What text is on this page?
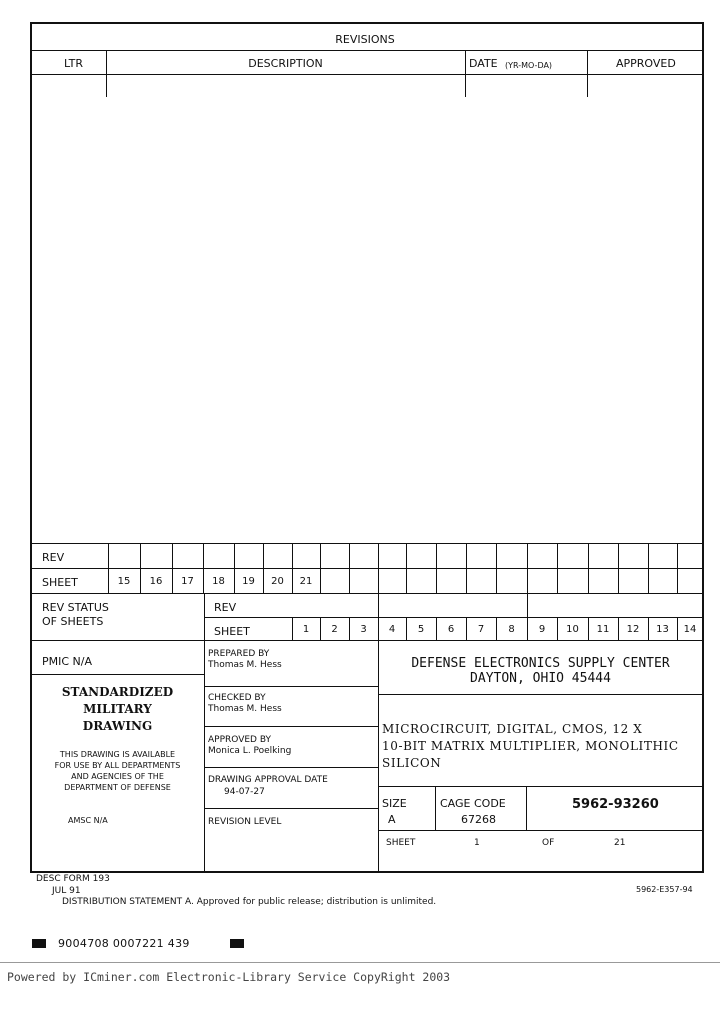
REVISIONS
LTR	DESCRIPTION	DATE (YR-MO-DA)	APPROVED
REV
SHEET	15	16	17	18	19	20	21
REV STATUS
OF SHEETS
REV
SHEET	1	2	3	4	5	6	7	8	9	10	11	12	13	14
PMIC N/A
STANDARDIZED
MILITARY
DRAWING
THIS DRAWING IS AVAILABLE
FOR USE BY ALL DEPARTMENTS
AND AGENCIES OF THE
DEPARTMENT OF DEFENSE
AMSC N/A
PREPARED BY
Thomas M. Hess
CHECKED BY
Thomas M. Hess
APPROVED BY
Monica L. Poelking
DRAWING APPROVAL DATE
94-07-27
REVISION LEVEL
DEFENSE ELECTRONICS SUPPLY CENTER
DAYTON, OHIO 45444
MICROCIRCUIT, DIGITAL, CMOS, 12 X
10-BIT MATRIX MULTIPLIER, MONOLITHIC
SILICON
SIZE
A
CAGE CODE
67268
5962-93260
SHEET	1	OF	21
DESC FORM 193
JUL 91
DISTRIBUTION STATEMENT A. Approved for public release; distribution is unlimited.
5962-E357-94
9004708 0007221 439
Powered by ICminer.com Electronic-Library Service CopyRight 2003
